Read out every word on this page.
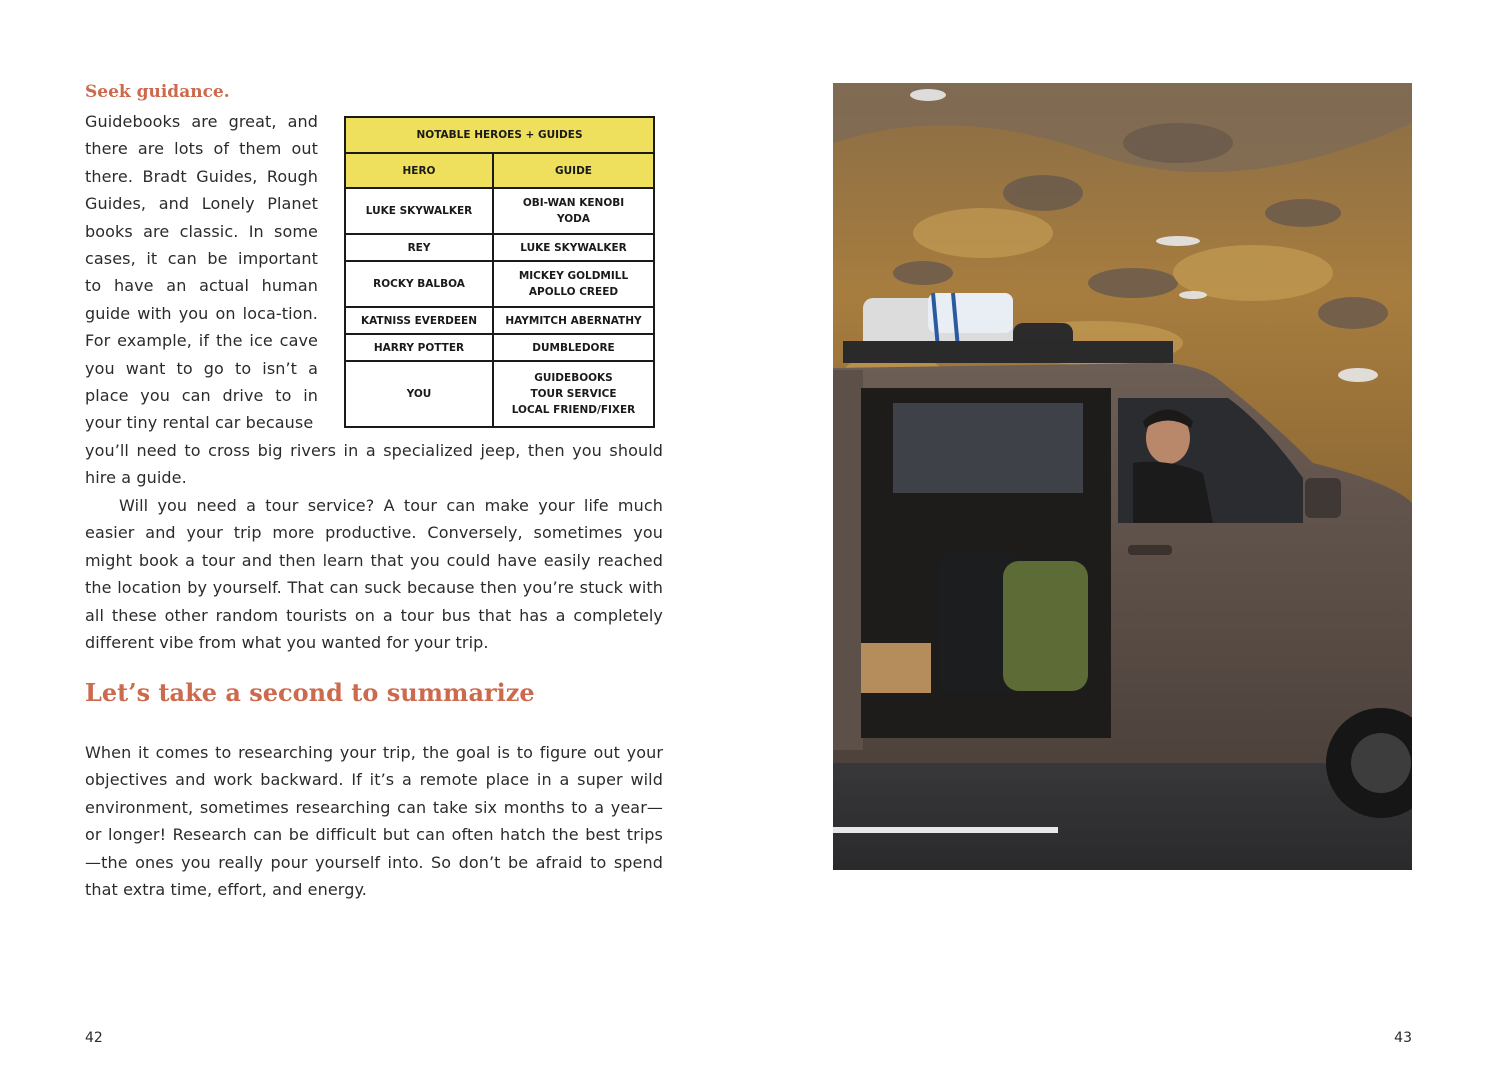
Seek guidance.

Guidebooks are great, and there are lots of them out there. Bradt Guides, Rough Guides, and Lonely Planet books are classic. In some cases, it can be important to have an actual human guide with you on loca-tion. For example, if the ice cave you want to go to isn’t a place you can drive to in your tiny rental car because

NOTABLE HEROES + GUIDES	
HERO	GUIDE
LUKE SKYWALKER	OBI-WAN KENOBI
YODA

REY	LUKE SKYWALKER

ROCKY BALBOA	MICKEY GOLDMILL
APOLLO CREED

KATNISS EVERDEEN	HAYMITCH ABERNATHY

HARRY POTTER	DUMBLEDORE

YOU	GUIDEBOOKS
TOUR SERVICE
LOCAL FRIEND/FIXER

you’ll need to cross big rivers in a specialized jeep, then you should hire a guide.

Will you need a tour service? A tour can make your life much easier and your trip more productive. Conversely, sometimes you might book a tour and then learn that you could have easily reached the location by yourself. That can suck because then you’re stuck with all these other random tourists on a tour bus that has a completely different vibe from what you wanted for your trip.

Let’s take a second to summarize

When it comes to researching your trip, the goal is to figure out your objectives and work backward. If it’s a remote place in a super wild environment, sometimes researching can take six months to a year—or longer! Research can be difficult but can often hatch the best trips—the ones you really pour yourself into. So don’t be afraid to spend that extra time, effort, and energy.

42	43
